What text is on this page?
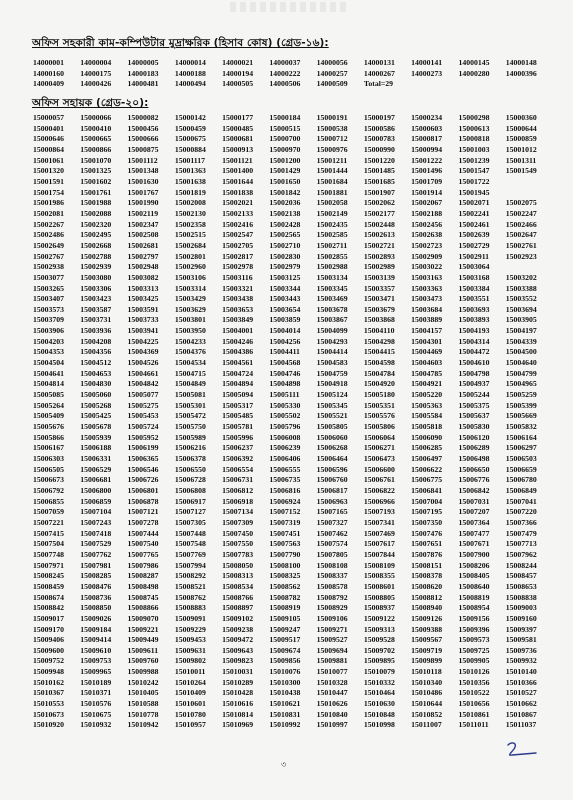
অফিস সহকারী কাম-কম্পিউটার মুদ্রাক্ষরিক (হিসাব কোষ) (গ্রেড-১৬):
14000001	14000004	14000005	14000014	14000021	14000037	14000056	14000131	14000141	14000145	14000148
14000160	14000175	14000183	14000188	14000194	14000222	14000257	14000267	14000273	14000280	14000396
14000409	14000426	14000481	14000494	14000505	14000506	14000509	Total=29
অফিস সহায়ক (গ্রেড-২০):
15000057	15000066	15000082	15000142	15000177	15000184	15000191	15000197	15000234	15000298	15000360
15000401	15000410	15000456	15000459	15000485	15000515	15000538	15000586	15000603	15000613	15000644
15000646	15000665	15000666	15000675	15000681	15000700	15000712	15000783	15000817	15000818	15000859
15000864	15000866	15000875	15000884	15000913	15000970	15000976	15000990	15000994	15001003	15001012
15001061	15001070	15001112	15001117	15001121	15001200	15001211	15001220	15001222	15001239	15001311
15001320	15001325	15001348	15001363	15001400	15001429	15001444	15001485	15001496	15001547	15001549
15001591	15001602	15001630	15001638	15001644	15001650	15001684	15001685	15001709	15001722
15001754	15001761	15001767	15001819	15001838	15001842	15001881	15001907	15001914	15001945
15001986	15001988	15001990	15002008	15002021	15002036	15002058	15002062	15002067	15002071	15002075
15002081	15002088	15002119	15002130	15002133	15002138	15002149	15002177	15002188	15002241	15002247
15002267	15002320	15002347	15002358	15002416	15002428	15002435	15002448	15002456	15002461	15002466
15002486	15002495	15002508	15002515	15002547	15002565	15002585	15002613	15002638	15002639	15002647
15002649	15002668	15002681	15002684	15002705	15002710	15002711	15002721	15002723	15002729	15002761
15002767	15002788	15002797	15002801	15002817	15002830	15002855	15002893	15002909	15002911	15002923
15002938	15002939	15002948	15002960	15002978	15002979	15002988	15002989	15003022	15003064
15003077	15003080	15003082	15003106	15003116	15003125	15003134	15003139	15003163	15003168	15003202
15003265	15003306	15003313	15003314	15003321	15003344	15003345	15003357	15003363	15003384	15003388
15003407	15003423	15003425	15003429	15003438	15003443	15003469	15003471	15003473	15003551	15003552
15003573	15003587	15003591	15003629	15003653	15003654	15003678	15003679	15003684	15003693	15003694
15003709	15003731	15003733	15003801	15003849	15003859	15003867	15003868	15003889	15003893	15003905
15003906	15003936	15003941	15003950	15004001	15004014	15004099	15004110	15004157	15004193	15004197
15004203	15004208	15004225	15004233	15004246	15004256	15004293	15004298	15004301	15004314	15004339
15004353	15004356	15004369	15004376	15004386	15004411	15004414	15004415	15004469	15004472	15004500
15004504	15004512	15004526	15004534	15004561	15004568	15004583	15004598	15004603	15004610	15004640
15004641	15004653	15004661	15004715	15004724	15004746	15004759	15004784	15004785	15004798	15004799
15004814	15004830	15004842	15004849	15004894	15004898	15004918	15004920	15004921	15004937	15004965
15005085	15005060	15005077	15005081	15005094	15005111	15005124	15005180	15005220	15005244	15005259
15005264	15005268	15005275	15005301	15005317	15005330	15005345	15005351	15005363	15005375	15005399
15005409	15005425	15005453	15005472	15005485	15005502	15005521	15005576	15005584	15005637	15005669
15005676	15005678	15005724	15005750	15005781	15005796	15005805	15005806	15005818	15005830	15005832
15005866	15005939	15005952	15005989	15005996	15006008	15006060	15006064	15006090	15006120	15006164
15006167	15006188	15006199	15006216	15006237	15006239	15006268	15006271	15006285	15006289	15006297
15006303	15006331	15006365	15006378	15006392	15006406	15006464	15006473	15006497	15006498	15006503
15006505	15006529	15006546	15006550	15006554	15006555	15006596	15006600	15006622	15006650	15006659
15006673	15006681	15006726	15006728	15006731	15006735	15006760	15006761	15006775	15006776	15006780
15006792	15006800	15006801	15006808	15006812	15006816	15006817	15006822	15006841	15006842	15006849
15006855	15006859	15006878	15006917	15006918	15006924	15006963	15006966	15007004	15007031	15007041
15007059	15007104	15007121	15007127	15007134	15007152	15007165	15007193	15007195	15007207	15007220
15007221	15007243	15007278	15007305	15007309	15007319	15007327	15007341	15007350	15007364	15007366
15007415	15007418	15007444	15007448	15007450	15007451	15007462	15007469	15007476	15007477	15007479
15007504	15007529	15007540	15007548	15007550	15007563	15007574	15007617	15007651	15007671	15007713
15007748	15007762	15007765	15007769	15007783	15007790	15007805	15007844	15007876	15007900	15007962
15007971	15007981	15007986	15007994	15008050	15008100	15008108	15008109	15008151	15008206	15008244
15008245	15008285	15008287	15008292	15008313	15008325	15008337	15008355	15008378	15008405	15008457
15008459	15008476	15008498	15008521	15008534	15008562	15008578	15008601	15008620	15008640	15008653
15008674	15008736	15008745	15008762	15008766	15008782	15008792	15008805	15008812	15008819	15008838
15008842	15008850	15008866	15008883	15008897	15008919	15008929	15008937	15008940	15008954	15009003
15009017	15009026	15009070	15009091	15009102	15009105	15009106	15009122	15009126	15009156	15009160
15009170	15009184	15009221	15009229	15009238	15009247	15009271	15009313	15009388	15009396	15009397
15009406	15009414	15009449	15009453	15009472	15009517	15009527	15009528	15009567	15009573	15009581
15009600	15009610	15009611	15009631	15009643	15009674	15009694	15009702	15009719	15009725	15009736
15009752	15009753	15009760	15009802	15009823	15009856	15009881	15009895	15009899	15009905	15009932
15009948	15009965	15009988	15010011	15010031	15010076	15010077	15010079	15010118	15010126	15010140
15010162	15010189	15010242	15010264	15010289	15010300	15010328	15010332	15010340	15010356	15010366
15010367	15010371	15010405	15010409	15010428	15010438	15010447	15010464	15010486	15010522	15010527
15010553	15010576	15010588	15010601	15010616	15010621	15010626	15010630	15010644	15010656	15010662
15010673	15010675	15010778	15010780	15010814	15010831	15010840	15010848	15010852	15010861	15010867
15010920	15010932	15010942	15010957	15010969	15010992	15010997	15010998	15011007	15011011	15011037
৩
